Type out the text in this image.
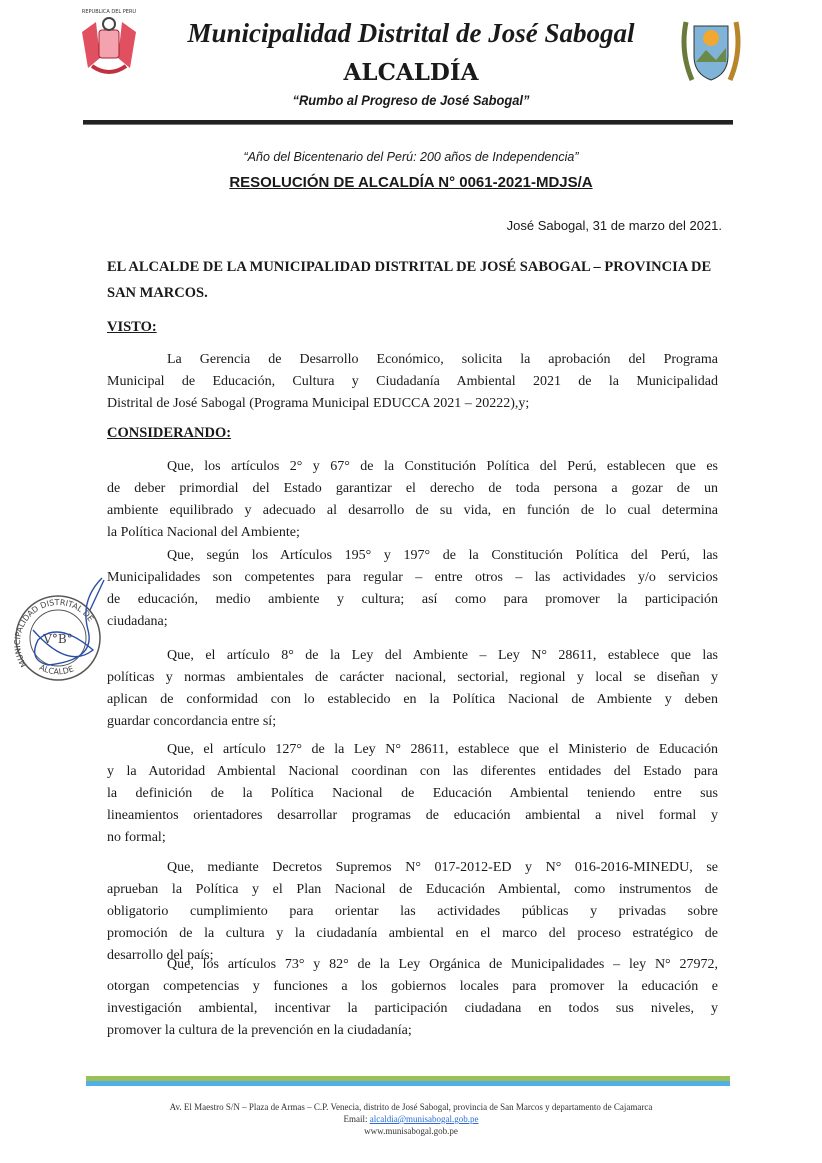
REPUBLICA DEL PERU
Municipalidad Distrital de José Sabogal
ALCALDÍA
“Rumbo al Progreso de José Sabogal”
“Año del Bicentenario del Perú: 200 años de Independencia”
RESOLUCIÓN DE ALCALDÍA N° 0061-2021-MDJS/A
José Sabogal, 31 de marzo del 2021.
EL ALCALDE DE LA MUNICIPALIDAD DISTRITAL DE JOSÉ SABOGAL – PROVINCIA DE SAN MARCOS.
VISTO:
CONSIDERANDO:
La Gerencia de Desarrollo Económico, solicita la aprobación del Programa
Municipal de Educación, Cultura y Ciudadanía Ambiental 2021 de la Municipalidad
Distrital de José Sabogal (Programa Municipal EDUCCA 2021 – 20222),y;
Que, los artículos 2° y 67° de la Constitución Política del Perú, establecen que es
de deber primordial del Estado garantizar el derecho de toda persona a gozar de un
ambiente equilibrado y adecuado al desarrollo de su vida, en función de lo cual determina
la Política Nacional del Ambiente;
Que, según los Artículos 195° y 197° de la Constitución Política del Perú, las
Municipalidades son competentes para regular – entre otros – las actividades y/o servicios
de educación, medio ambiente y cultura; así como para promover la participación
ciudadana;
Que, el artículo 8° de la Ley del Ambiente – Ley N° 28611, establece que las
políticas y normas ambientales de carácter nacional, sectorial, regional y local se diseñan y
aplican de conformidad con lo establecido en la Política Nacional de Ambiente y deben
guardar concordancia entre sí;
Que, el artículo 127° de la Ley N° 28611, establece que el Ministerio de Educación
y la Autoridad Ambiental Nacional coordinan con las diferentes entidades del Estado para
la definición de la Política Nacional de Educación Ambiental teniendo entre sus
lineamientos orientadores desarrollar programas de educación ambiental a nivel formal y
no formal;
Que, mediante Decretos Supremos N° 017-2012-ED y N° 016-2016-MINEDU, se
aprueban la Política y el Plan Nacional de Educación Ambiental, como instrumentos de
obligatorio cumplimiento para orientar las actividades públicas y privadas sobre
promoción de la cultura y la ciudadanía ambiental en el marco del proceso estratégico de
desarrollo del país;
Que, los artículos 73° y 82° de la Ley Orgánica de Municipalidades – ley N° 27972,
otorgan competencias y funciones a los gobiernos locales para promover la educación e
investigación ambiental, incentivar la participación ciudadana en todos sus niveles, y
promover la cultura de la prevención en la ciudadanía;
MUNICIPALIDAD DISTRITAL DE
ALCALDE
V°B°
Av. El Maestro S/N – Plaza de Armas – C.P. Venecia, distrito de José Sabogal, provincia de San Marcos y departamento de Cajamarca
Email: alcaldia@munisabogal.gob.pe
www.munisabogal.gob.pe
